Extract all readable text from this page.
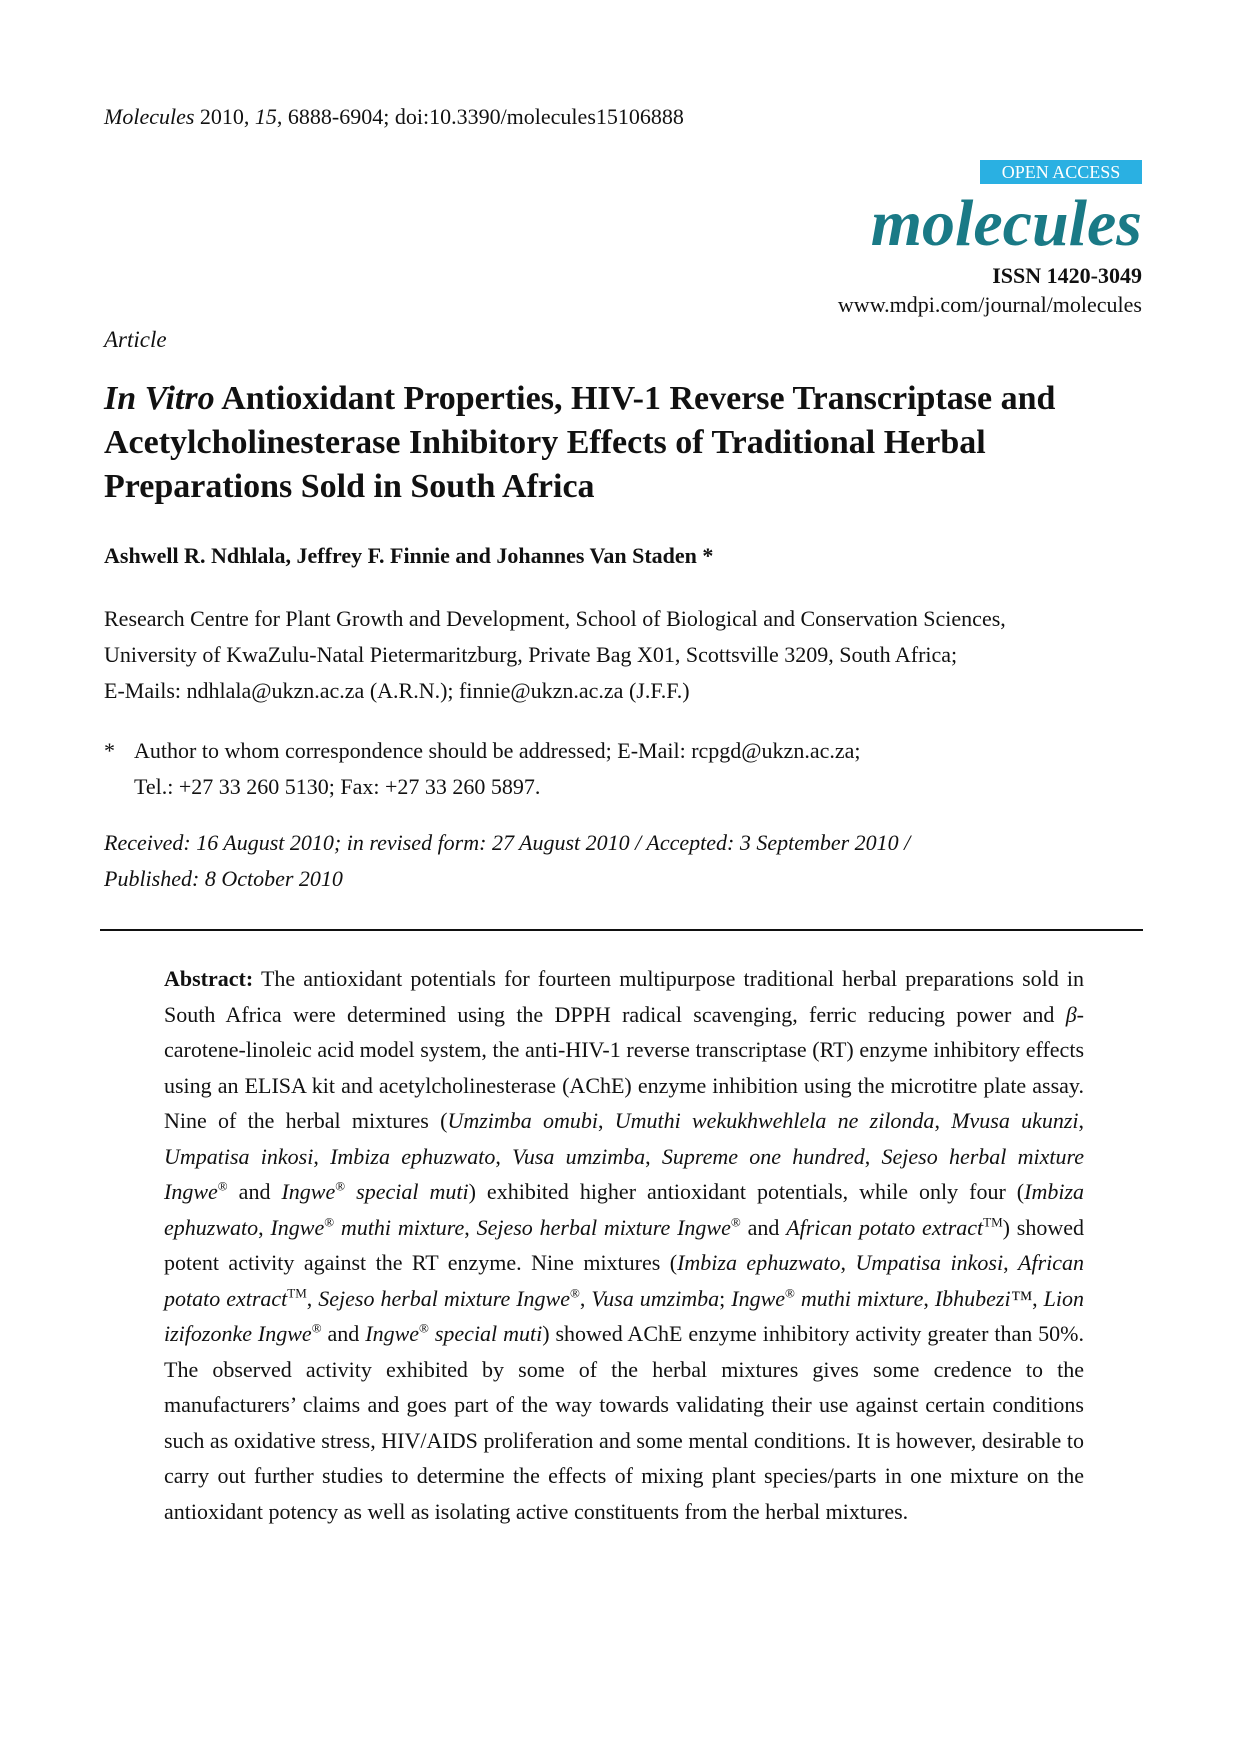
Molecules 2010, 15, 6888-6904; doi:10.3390/molecules15106888
OPEN ACCESS
molecules
ISSN 1420-3049
www.mdpi.com/journal/molecules
Article
In Vitro Antioxidant Properties, HIV-1 Reverse Transcriptase and Acetylcholinesterase Inhibitory Effects of Traditional Herbal Preparations Sold in South Africa
Ashwell R. Ndhlala, Jeffrey F. Finnie and Johannes Van Staden *
Research Centre for Plant Growth and Development, School of Biological and Conservation Sciences,
University of KwaZulu-Natal Pietermaritzburg, Private Bag X01, Scottsville 3209, South Africa;
E-Mails: ndhlala@ukzn.ac.za (A.R.N.); finnie@ukzn.ac.za (J.F.F.)
* Author to whom correspondence should be addressed; E-Mail: rcpgd@ukzn.ac.za;
Tel.: +27 33 260 5130; Fax: +27 33 260 5897.
Received: 16 August 2010; in revised form: 27 August 2010 / Accepted: 3 September 2010 /
Published: 8 October 2010
Abstract: The antioxidant potentials for fourteen multipurpose traditional herbal preparations sold in South Africa were determined using the DPPH radical scavenging, ferric reducing power and β-carotene-linoleic acid model system, the anti-HIV-1 reverse transcriptase (RT) enzyme inhibitory effects using an ELISA kit and acetylcholinesterase (AChE) enzyme inhibition using the microtitre plate assay. Nine of the herbal mixtures (Umzimba omubi, Umuthi wekukhwehlela ne zilonda, Mvusa ukunzi, Umpatisa inkosi, Imbiza ephuzwato, Vusa umzimba, Supreme one hundred, Sejeso herbal mixture Ingwe® and Ingwe® special muti) exhibited higher antioxidant potentials, while only four (Imbiza ephuzwato, Ingwe® muthi mixture, Sejeso herbal mixture Ingwe® and African potato extract™) showed potent activity against the RT enzyme. Nine mixtures (Imbiza ephuzwato, Umpatisa inkosi, African potato extract™, Sejeso herbal mixture Ingwe®, Vusa umzimba; Ingwe® muthi mixture, Ibhubezi™, Lion izifozonke Ingwe® and Ingwe® special muti) showed AChE enzyme inhibitory activity greater than 50%. The observed activity exhibited by some of the herbal mixtures gives some credence to the manufacturers’ claims and goes part of the way towards validating their use against certain conditions such as oxidative stress, HIV/AIDS proliferation and some mental conditions. It is however, desirable to carry out further studies to determine the effects of mixing plant species/parts in one mixture on the antioxidant potency as well as isolating active constituents from the herbal mixtures.
